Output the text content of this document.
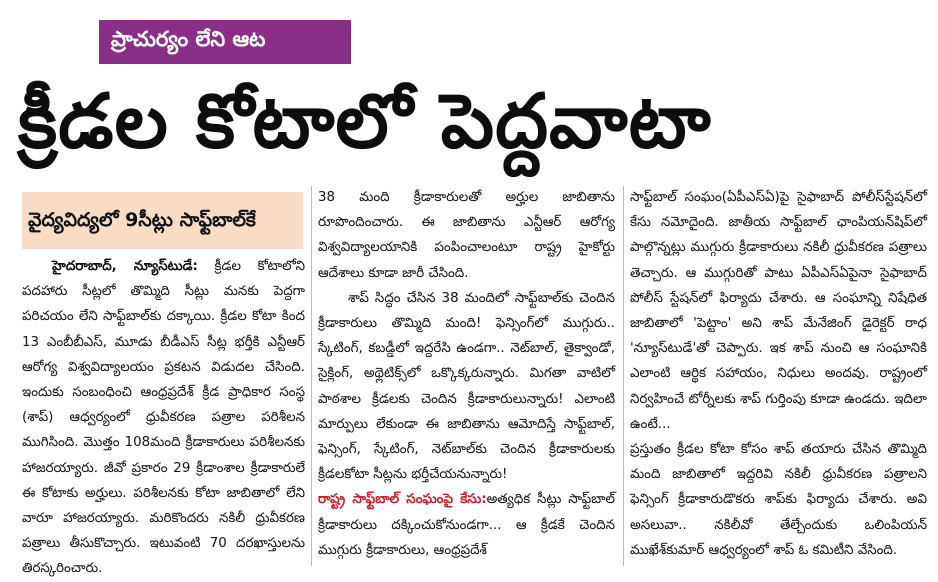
ప్రాచుర్యం లేని ఆట
క్రీడల కోటాలో పెద్దవాటా
వైద్యవిద్యలో 9సీట్లు సాఫ్ట్‌బాల్‌కే

హైదరాబాద్, న్యూస్‌టుడే: క్రీడల కోటాలోని పదహారు సీట్లలో తొమ్మిది సీట్లు మనకు పెద్దగా పరిచయం లేని సాఫ్ట్‌బాల్‌కు దక్కాయి. క్రీడల కోటా కింద 13 ఎంబీబీఎస్, మూడు బీడీఎస్ సీట్ల భర్తీకి ఎన్టీఆర్ ఆరోగ్య విశ్వవిద్యాలయం ప్రకటన విడుదల చేసింది. ఇందుకు సంబంధించి ఆంధ్రప్రదేశ్ క్రీడ ప్రాధికార సంస్థ (శాప్) ఆధ్వర్యంలో ధ్రువీకరణ పత్రాల పరిశీలన ముగిసింది. మొత్తం 108మంది క్రీడాకారులు పరిశీలనకు హాజరయ్యారు. జీవో ప్రకారం 29 క్రీడాంశాల క్రీడాకారులే ఈ కోటాకు అర్హులు. పరిశీలనకు కోటా జాబితాలో లేని వారూ హాజరయ్యారు. మరికొందరు నకిలీ ధ్రువీకరణ పత్రాలు తీసుకొచ్చారు. ఇటువంటి 70 దరఖాస్తులను తిరస్కరించారు.

38 మంది క్రీడాకారులతో అర్హుల జాబితాను రూపొందించారు. ఈ జాబితాను ఎన్టీఆర్ ఆరోగ్య విశ్వవిద్యాలయానికి పంపించాలంటూ రాష్ట్ర హైకోర్టు ఆదేశాలు కూడా జారీ చేసింది.

శాప్ సిద్ధం చేసిన 38 మందిలో సాఫ్ట్‌బాల్‌కు చెందిన క్రీడాకారులు తొమ్మిది మంది! ఫెన్సింగ్‌లో ముగ్గురు.. స్కేటింగ్, కబడ్డీలో ఇద్దరేసి ఉండగా.. నెట్‌బాల్, తైక్వాండో, సైక్లింగ్, అథ్లెటిక్స్‌లో ఒక్కొక్కరున్నారు. మిగతా వాటిలో పాఠశాల క్రీడలకు చెందిన క్రీడాకారులున్నారు! ఎలాంటి మార్పులు లేకుండా ఈ జాబితాను ఆమోదిస్తే సాఫ్ట్‌బాల్, ఫెన్సింగ్, స్కేటింగ్, నెట్‌బాల్‌కు చెందిన క్రీడాకారులకు క్రీడలకోటా సీట్లను భర్తీచేయనున్నారు!

రాష్ట్ర సాఫ్ట్‌బాల్ సంఘంపై కేసు:అత్యధిక సీట్లు సాఫ్ట్‌బాల్ క్రీడాకారులు దక్కించుకోనుండగా... ఆ క్రీడకే చెందిన ముగ్గురు క్రీడాకారులు, ఆంధ్రప్రదేశ్

సాఫ్ట్‌బాల్ సంఘం(ఏపీఎస్ఏ)పై సైఫాబాద్ పోలీస్‌స్టేషన్‌లో కేసు నమోదైంది. జాతీయ సాఫ్ట్‌బాల్ ఛాంపియన్‌షిప్‌లో పాల్గొన్నట్లు ముగ్గురు క్రీడాకారులు నకిలీ ధ్రువీకరణ పత్రాలు తెచ్చారు. ఆ ముగ్గురితో పాటు ఏపీఎస్ఏపైనా సైఫాబాద్ పోలీస్ స్టేషన్‌లో ఫిర్యాదు చేశారు. ఆ సంఘాన్ని నిషేధిత జాబితాలో 'పెట్టాం' అని శాప్ మేనేజింగ్ డైరెక్టర్ రాధ 'న్యూస్‌టుడే'తో చెప్పారు. ఇక శాప్ నుంచి ఆ సంఘానికి ఎలాంటి ఆర్థిక సహాయం, నిధులు అందవు. రాష్ట్రంలో నిర్వహించే టోర్నీలకు శాప్ గుర్తింపు కూడా ఉండదు. ఇదిలా ఉంటే...

ప్రస్తుతం క్రీడల కోటా కోసం శాప్ తయారు చేసిన తొమ్మిది మంది జాబితాలో ఇద్దరివి నకిలీ ధ్రువీకరణ పత్రాలని ఫెన్సింగ్ క్రీడాకారుడొకరు శాప్‌కు ఫిర్యాదు చేశారు. అవి అసలువా.. నకిలీవో తేల్చేందుకు ఒలింపియన్ ముఖేశ్‌కుమార్ ఆధ్వర్యంలో శాప్ ఓ కమిటీని వేసింది.
